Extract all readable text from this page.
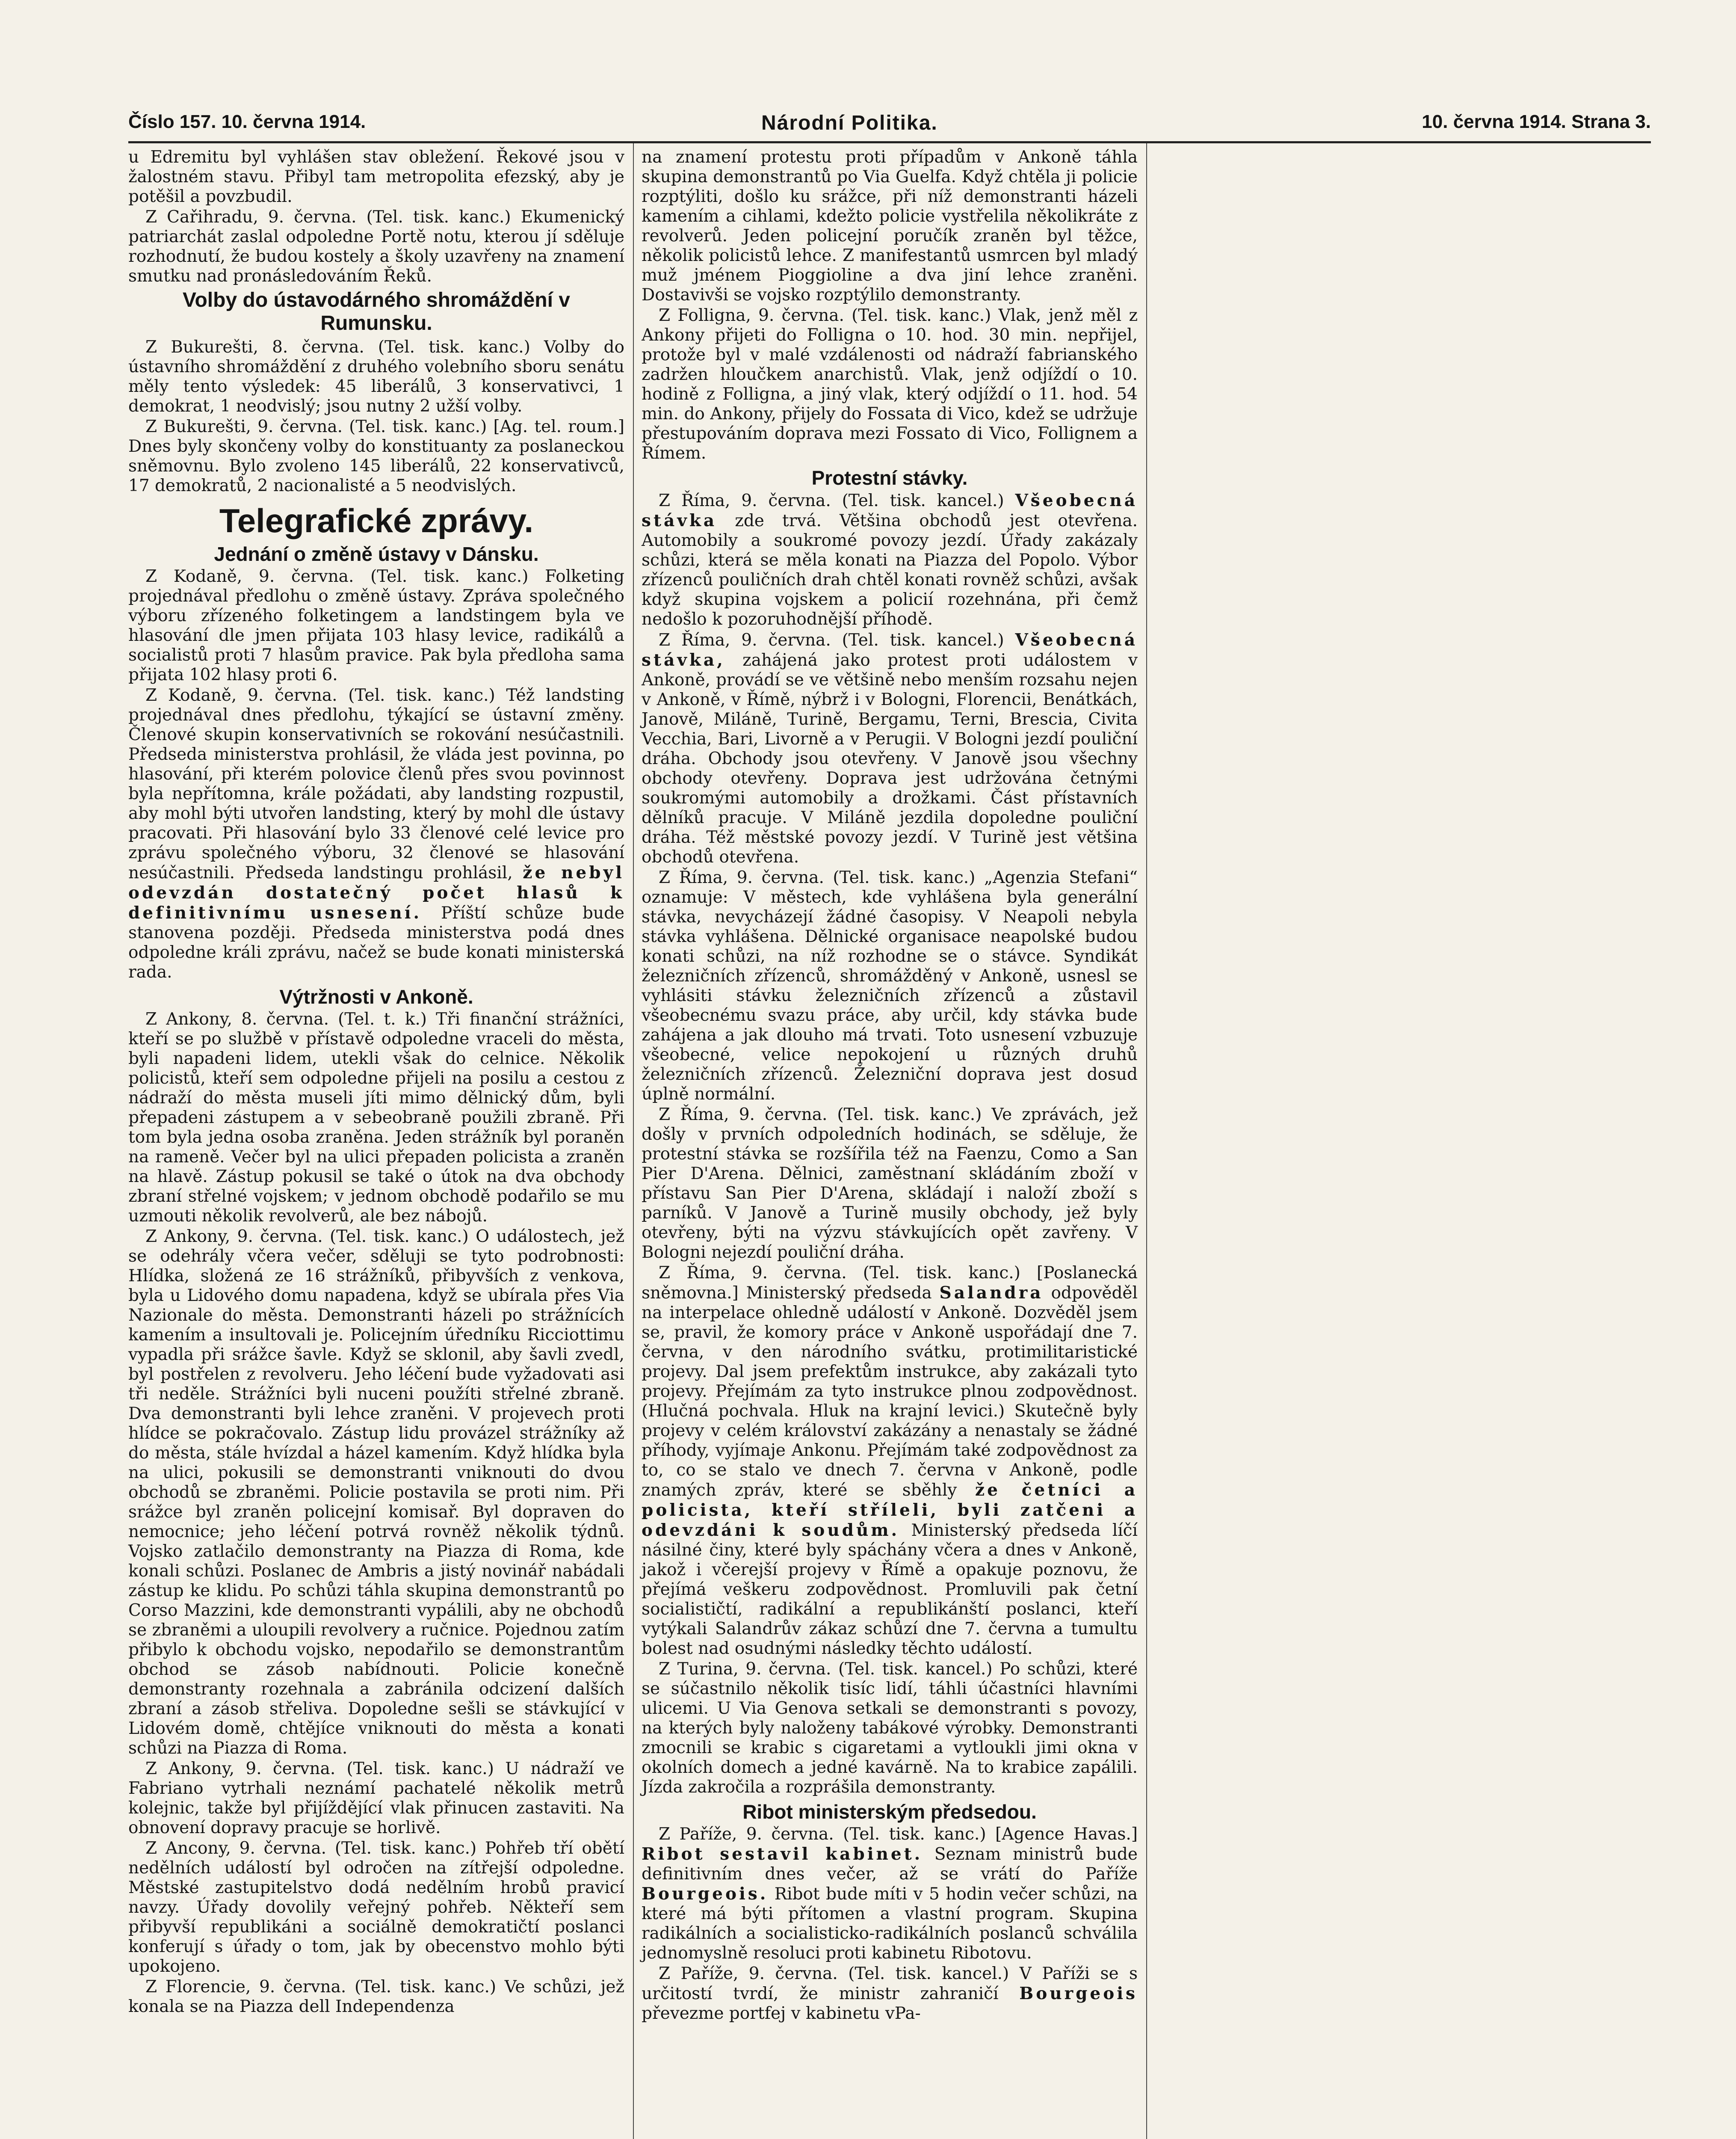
Číslo 157. 10. června 1914.	Národní Politika.	10. června 1914. Strana 3.

u Edremitu byl vyhlášen stav obležení. Řekové jsou v žalostném stavu. Přibyl tam metropolita efezský, aby je potěšil a povzbudil.

Z Cařihradu, 9. června. (Tel. tisk. kanc.) Ekumenický patriarchát zaslal odpoledne Portě notu, kterou jí sděluje rozhodnutí, že budou kostely a školy uzavřeny na znamení smutku nad pronásledováním Řeků.

Volby do ústavodárného shromáždění v Rumunsku.

Z Bukurešti, 8. června. (Tel. tisk. kanc.) Volby do ústavního shromáždění z druhého volebního sboru senátu měly tento výsledek: 45 liberálů, 3 konservativci, 1 demokrat, 1 neodvislý; jsou nutny 2 užší volby.

Z Bukurešti, 9. června. (Tel. tisk. kanc.) [Ag. tel. roum.] Dnes byly skončeny volby do konstituanty za poslaneckou sněmovnu. Bylo zvoleno 145 liberálů, 22 konservativců, 17 demokratů, 2 nacionalisté a 5 neodvislých.

Telegrafické zprávy.
Jednání o změně ústavy v Dánsku.

Z Kodaně, 9. června. (Tel. tisk. kanc.) Folketing projednával předlohu o změně ústavy. Zpráva společného výboru zřízeného folketingem a landstingem byla ve hlasování dle jmen přijata 103 hlasy levice, radikálů a socialistů proti 7 hlasům pravice. Pak byla předloha sama přijata 102 hlasy proti 6.

Z Kodaně, 9. června. (Tel. tisk. kanc.) Též landsting projednával dnes předlohu, týkající se ústavní změny. Členové skupin konservativních se rokování nesúčastnili. Předseda ministerstva prohlásil, že vláda jest povinna, po hlasování, při kterém polovice členů přes svou povinnost byla nepřítomna, krále požádati, aby landsting rozpustil, aby mohl býti utvořen landsting, který by mohl dle ústavy pracovati. Při hlasování bylo 33 členové celé levice pro zprávu společného výboru, 32 členové se hlasování nesúčastnili. Předseda landstingu prohlásil, že nebyl odevzdán dostatečný počet hlasů k definitivnímu usnesení. Příští schůze bude stanovena později. Předseda ministerstva podá dnes odpoledne králi zprávu, načež se bude konati ministerská rada.

Výtržnosti v Ankoně.

Z Ankony, 8. června. (Tel. t. k.) Tři finanční strážníci, kteří se po službě v přístavě odpoledne vraceli do města, byli napadeni lidem, utekli však do celnice. Několik policistů, kteří sem odpoledne přijeli na posilu a cestou z nádraží do města museli jíti mimo dělnický dům, byli přepadeni zástupem a v sebeobraně použili zbraně. Při tom byla jedna osoba zraněna. Jeden strážník byl poraněn na rameně. Večer byl na ulici přepaden policista a zraněn na hlavě. Zástup pokusil se také o útok na dva obchody zbraní střelné vojskem; v jednom obchodě podařilo se mu uzmouti několik revolverů, ale bez nábojů.

Z Ankony, 9. června. (Tel. tisk. kanc.) O událostech, jež se odehrály včera večer, sděluji se tyto podrobnosti: Hlídka, složená ze 16 strážníků, přibyvších z venkova, byla u Lidového domu napadena, když se ubírala přes Via Nazionale do města. Demonstranti házeli po strážnících kamením a insultovali je. Policejním úředníku Ricciottimu vypadla při srážce šavle. Když se sklonil, aby šavli zvedl, byl postřelen z revolveru. Jeho léčení bude vyžadovati asi tři neděle. Strážníci byli nuceni použíti střelné zbraně. Dva demonstranti byli lehce zraněni. V projevech proti hlídce se pokračovalo. Zástup lidu provázel strážníky až do města, stále hvízdal a házel kamením. Když hlídka byla na ulici, pokusili se demonstranti vniknouti do dvou obchodů se zbraněmi. Policie postavila se proti nim. Při srážce byl zraněn policejní komisař. Byl dopraven do nemocnice; jeho léčení potrvá rovněž několik týdnů. Vojsko zatlačilo demonstranty na Piazza di Roma, kde konali schůzi. Poslanec de Ambris a jistý novinář nabádali zástup ke klidu. Po schůzi táhla skupina demonstrantů po Corso Mazzini, kde demonstranti vypálili, aby ne obchodů se zbraněmi a uloupili revolvery a ručnice. Pojednou zatím přibylo k obchodu vojsko, nepodařilo se demonstrantům obchod se zásob nabídnouti. Policie konečně demonstranty rozehnala a zabránila odcizení dalších zbraní a zásob střeliva. Dopoledne sešli se stávkující v Lidovém domě, chtějíce vniknouti do města a konati schůzi na Piazza di Roma.

Z Ankony, 9. června. (Tel. tisk. kanc.) U nádraží ve Fabriano vytrhali neznámí pachatelé několik metrů kolejnic, takže byl přijíždějící vlak přinucen zastaviti. Na obnovení dopravy pracuje se horlivě.

Z Ancony, 9. června. (Tel. tisk. kanc.) Pohřeb tří obětí nedělních událostí byl odročen na zítřejší odpoledne. Městské zastupitelstvo dodá nedělním hrobů pravicí navzy. Úřady dovolily veřejný pohřeb. Někteří sem přibyvší republikáni a sociálně demokratičtí poslanci konferují s úřady o tom, jak by obecenstvo mohlo býti upokojeno.

Z Florencie, 9. června. (Tel. tisk. kanc.) Ve schůzi, jež konala se na Piazza dell Independenza

na znamení protestu proti případům v Ankoně táhla skupina demonstrantů po Via Guelfa. Když chtěla ji policie rozptýliti, došlo ku srážce, při níž demonstranti házeli kamením a cihlami, kdežto policie vystřelila několikráte z revolverů. Jeden policejní poručík zraněn byl těžce, několik policistů lehce. Z manifestantů usmrcen byl mladý muž jménem Pioggioline a dva jiní lehce zraněni. Dostavivši se vojsko rozptýlilo demonstranty.

Z Folligna, 9. června. (Tel. tisk. kanc.) Vlak, jenž měl z Ankony přijeti do Folligna o 10. hod. 30 min. nepřijel, protože byl v malé vzdálenosti od nádraží fabrianského zadržen hloučkem anarchistů. Vlak, jenž odjíždí o 10. hodině z Folligna, a jiný vlak, který odjíždí o 11. hod. 54 min. do Ankony, přijely do Fossata di Vico, kdež se udržuje přestupováním doprava mezi Fossato di Vico, Follignem a Římem.

Protestní stávky.

Z Říma, 9. června. (Tel. tisk. kancel.) Všeobecná stávka zde trvá. Většina obchodů jest otevřena. Automobily a soukromé povozy jezdí. Úřady zakázaly schůzi, která se měla konati na Piazza del Popolo. Výbor zřízenců pouličních drah chtěl konati rovněž schůzi, avšak když skupina vojskem a policií rozehnána, při čemž nedošlo k pozoruhodnější příhodě.

Z Říma, 9. června. (Tel. tisk. kancel.) Všeobecná stávka, zahájená jako protest proti událostem v Ankoně, provádí se ve většině nebo menším rozsahu nejen v Ankoně, v Římě, nýbrž i v Bologni, Florencii, Benátkách, Janově, Miláně, Turině, Bergamu, Terni, Brescia, Civita Vecchia, Bari, Livorně a v Perugii. V Bologni jezdí pouliční dráha. Obchody jsou otevřeny. V Janově jsou všechny obchody otevřeny. Doprava jest udržována četnými soukromými automobily a drožkami. Část přístavních dělníků pracuje. V Miláně jezdila dopoledne pouliční dráha. Též městské povozy jezdí. V Turině jest většina obchodů otevřena.

Z Říma, 9. června. (Tel. tisk. kanc.) „Agenzia Stefani“ oznamuje: V městech, kde vyhlášena byla generální stávka, nevycházejí žádné časopisy. V Neapoli nebyla stávka vyhlášena. Dělnické organisace neapolské budou konati schůzi, na níž rozhodne se o stávce. Syndikát železničních zřízenců, shromážděný v Ankoně, usnesl se vyhlásiti stávku železničních zřízenců a zůstavil všeobecnému svazu práce, aby určil, kdy stávka bude zahájena a jak dlouho má trvati. Toto usnesení vzbuzuje všeobecné, velice nepokojení u různých druhů železničních zřízenců. Železniční doprava jest dosud úplně normální.

Z Říma, 9. června. (Tel. tisk. kanc.) Ve zprávách, jež došly v prvních odpoledních hodinách, se sděluje, že protestní stávka se rozšířila též na Faenzu, Como a San Pier D'Arena. Dělnici, zaměstnaní skládáním zboží v přístavu San Pier D'Arena, skládají i naloží zboží s parníků. V Janově a Turině musily obchody, jež byly otevřeny, býti na výzvu stávkujících opět zavřeny. V Bologni nejezdí pouliční dráha.

Z Říma, 9. června. (Tel. tisk. kanc.) [Poslanecká sněmovna.] Ministerský předseda Salandra odpověděl na interpelace ohledně událostí v Ankoně. Dozvěděl jsem se, pravil, že komory práce v Ankoně uspořádají dne 7. června, v den národního svátku, protimilitaristické projevy. Dal jsem prefektům instrukce, aby zakázali tyto projevy. Přejímám za tyto instrukce plnou zodpovědnost. (Hlučná pochvala. Hluk na krajní levici.) Skutečně byly projevy v celém království zakázány a nenastaly se žádné příhody, vyjímaje Ankonu. Přejímám také zodpovědnost za to, co se stalo ve dnech 7. června v Ankoně, podle znamých zpráv, které se sběhly že četníci a policista, kteří stříleli, byli zatčeni a odevzdáni k soudům. Ministerský předseda líčí násilné činy, které byly spáchány včera a dnes v Ankoně, jakož i včerejší projevy v Římě a opakuje poznovu, že přejímá veškeru zodpovědnost. Promluvili pak četní socialističtí, radikální a republikánští poslanci, kteří vytýkali Salandrův zákaz schůzí dne 7. června a tumultu bolest nad osudnými následky těchto událostí.

Z Turina, 9. června. (Tel. tisk. kancel.) Po schůzi, které se súčastnilo několik tisíc lidí, táhli účastníci hlavními ulicemi. U Via Genova setkali se demonstranti s povozy, na kterých byly naloženy tabákové výrobky. Demonstranti zmocnili se krabic s cigaretami a vytloukli jimi okna v okolních domech a jedné kavárně. Na to krabice zapálili. Jízda zakročila a rozprášila demonstranty.

Ribot ministerským předsedou.

Z Paříže, 9. června. (Tel. tisk. kanc.) [Agence Havas.] Ribot sestavil kabinet. Seznam ministrů bude definitivním dnes večer, až se vrátí do Paříže Bourgeois. Ribot bude míti v 5 hodin večer schůzi, na které má býti přítomen a vlastní program. Skupina radikálních a socialisticko-radikálních poslanců schválila jednomyslně resoluci proti kabinetu Ribotovu.

Z Paříže, 9. června. (Tel. tisk. kancel.) V Paříži se s určitostí tvrdí, že ministr zahraničí Bourgeois převezme portfej v kabinetu vPa-
